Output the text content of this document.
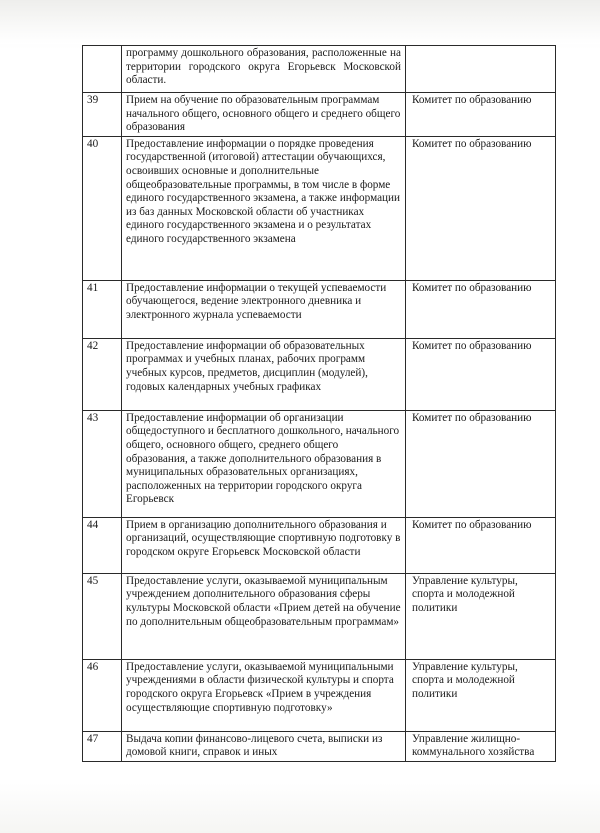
	программу дошкольного образования, расположенные на территории городского округа Егорьевск Московской области.	
39	Прием на обучение по образовательным программам начального общего, основного общего и среднего общего образования	Комитет по образованию

40	Предоставление информации о порядке проведения государственной (итоговой) аттестации обучающихся, освоивших основные и дополнительные общеобразовательные программы, в том числе в форме единого государственного экзамена, а также информации из баз данных Московской области об участниках единого государственного экзамена и о результатах единого государственного экзамена	Комитет по образованию

41	Предоставление информации о текущей успеваемости обучающегося, ведение электронного дневника и электронного журнала успеваемости	Комитет по образованию

42	Предоставление информации об образовательных программах и учебных планах, рабочих программ учебных курсов, предметов, дисциплин (модулей), годовых календарных учебных графиках	Комитет по образованию

43	Предоставление информации об организации общедоступного и бесплатного дошкольного, начального общего, основного общего, среднего общего образования, а также дополнительного образования в муниципальных образовательных организациях, расположенных на территории городского округа Егорьевск	Комитет по образованию

44	Прием в организацию дополнительного образования и организаций, осуществляющие спортивную подготовку в городском округе Егорьевск Московской области	Комитет по образованию

45	Предоставление услуги, оказываемой муниципальным учреждением дополнительного образования сферы культуры Московской области «Прием детей на обучение по дополнительным общеобразовательным программам»	Управление культуры, спорта и молодежной политики

46	Предоставление услуги, оказываемой муниципальными учреждениями в области физической культуры и спорта городского округа Егорьевск «Прием в учреждения осуществляющие спортивную подготовку»	Управление культуры, спорта и молодежной политики

47	Выдача копии финансово-лицевого счета, выписки из домовой книги, справок и иных	Управление жилищно-коммунального хозяйства
